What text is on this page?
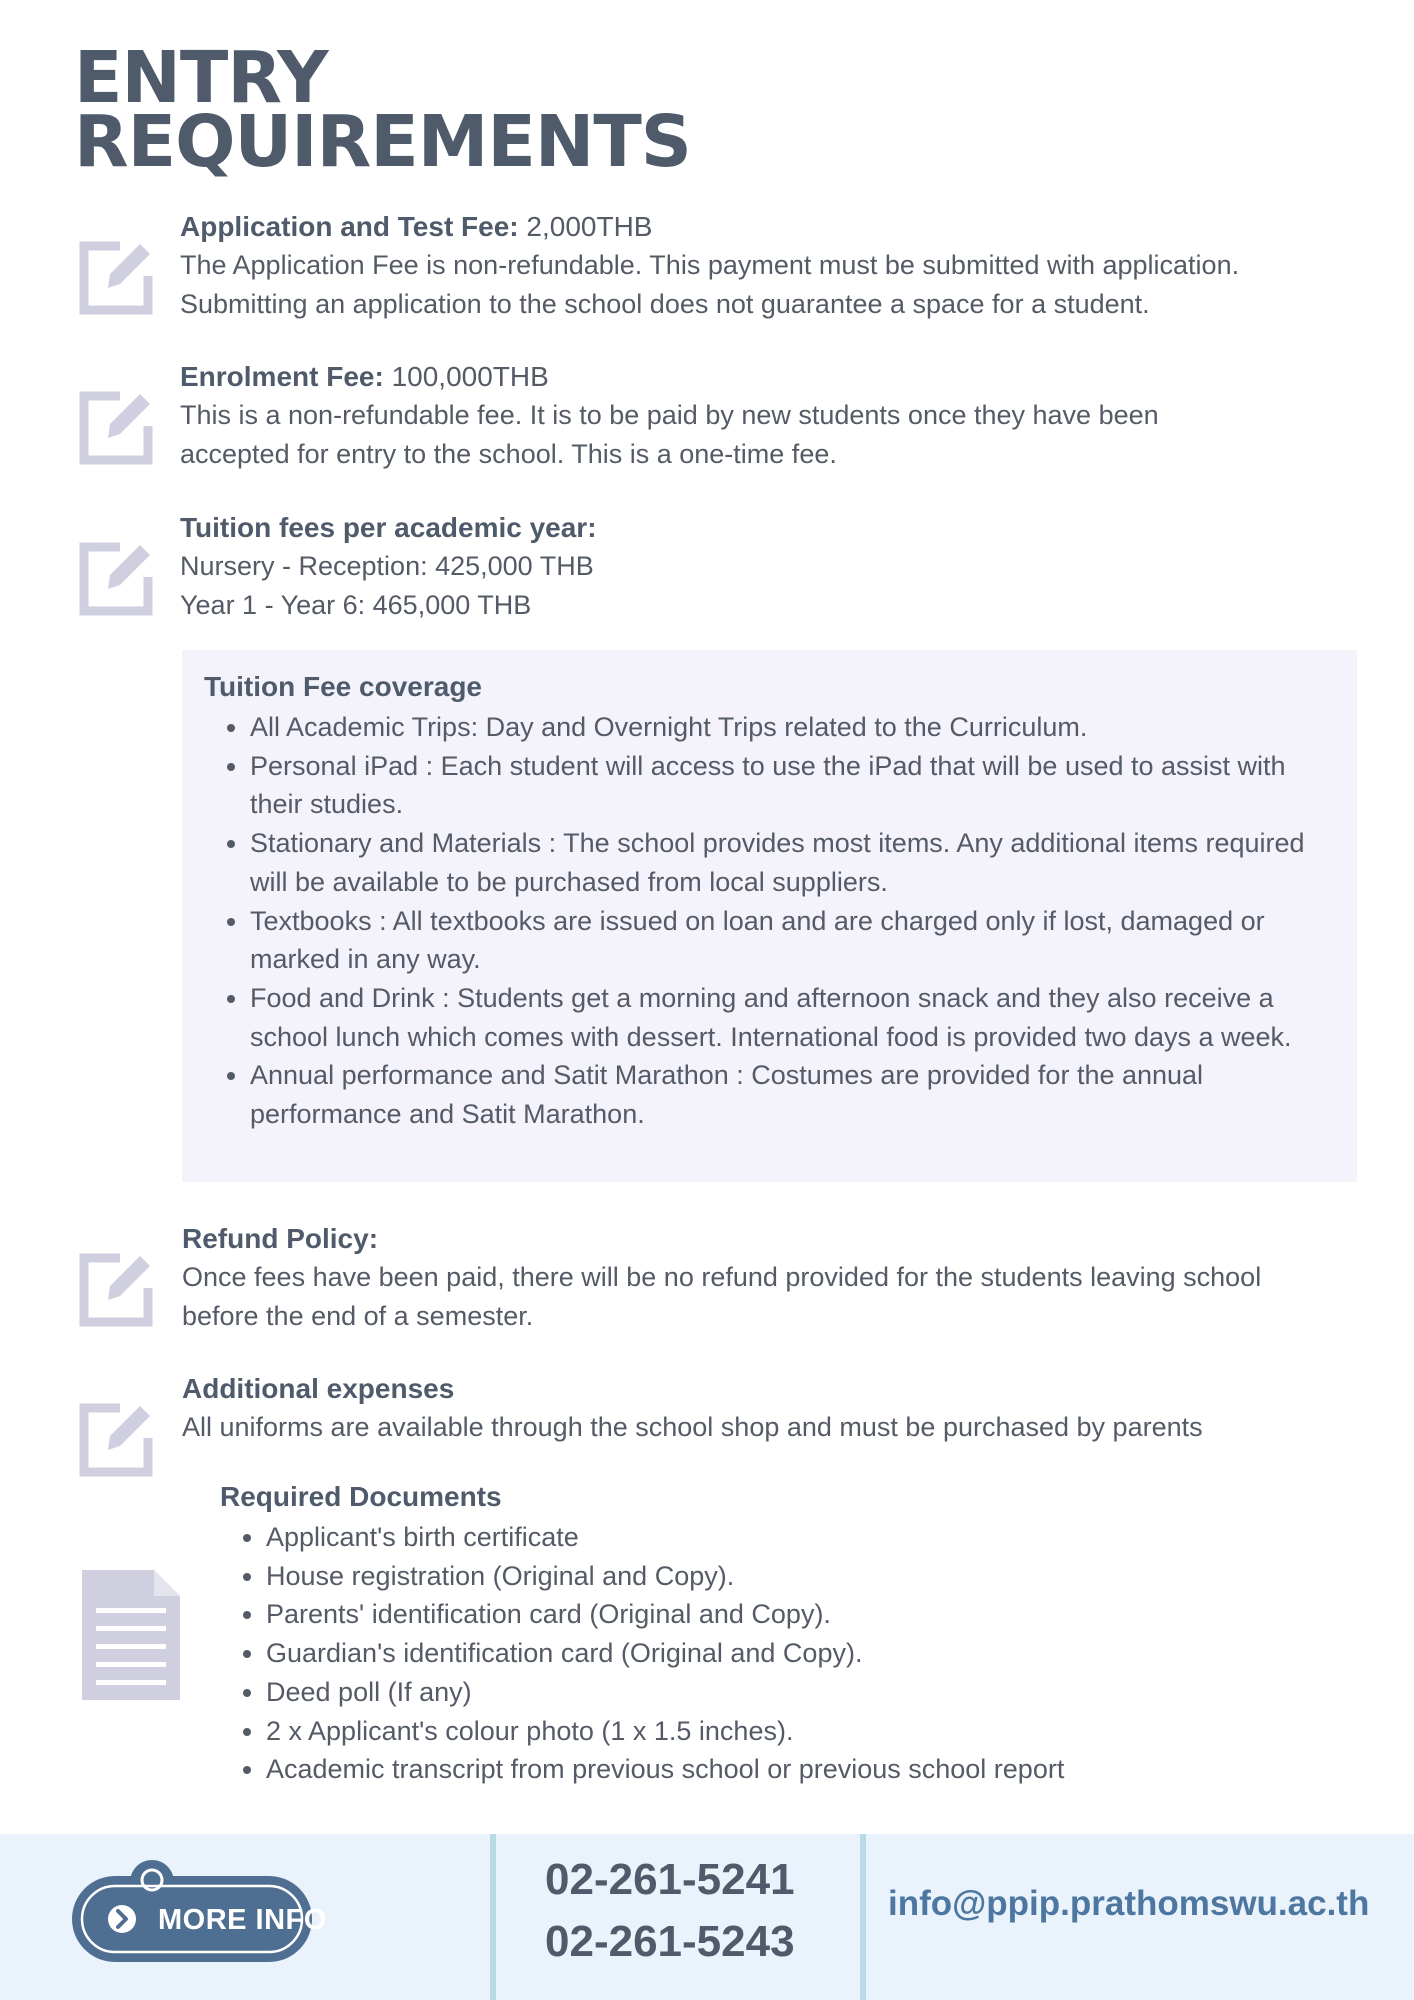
ENTRY
REQUIREMENTS
Application and Test Fee: 2,000THB
The Application Fee is non-refundable. This payment must be submitted with application.
Submitting an application to the school does not guarantee a space for a student.
Enrolment Fee: 100,000THB
This is a non-refundable fee. It is to be paid by new students once they have been
accepted for entry to the school. This is a one-time fee.
Tuition fees per academic year:
Nursery - Reception: 425,000 THB
Year 1 - Year 6: 465,000 THB
Tuition Fee coverage
• All Academic Trips: Day and Overnight Trips related to the Curriculum.
• Personal iPad : Each student will access to use the iPad that will be used to assist with their studies.
• Stationary and Materials : The school provides most items. Any additional items required will be available to be purchased from local suppliers.
• Textbooks : All textbooks are issued on loan and are charged only if lost, damaged or marked in any way.
• Food and Drink : Students get a morning and afternoon snack and they also receive a school lunch which comes with dessert. International food is provided two days a week.
• Annual performance and Satit Marathon : Costumes are provided for the annual performance and Satit Marathon.
Refund Policy:
Once fees have been paid, there will be no refund provided for the students leaving school
before the end of a semester.
Additional expenses
All uniforms are available through the school shop and must be purchased by parents
Required Documents
• Applicant's birth certificate
• House registration (Original and Copy).
• Parents' identification card (Original and Copy).
• Guardian's identification card (Original and Copy).
• Deed poll (If any)
• 2 x Applicant's colour photo (1 x 1.5 inches).
• Academic transcript from previous school or previous school report
MORE INFO
02-261-5241
02-261-5243
info@ppip.prathomswu.ac.th
